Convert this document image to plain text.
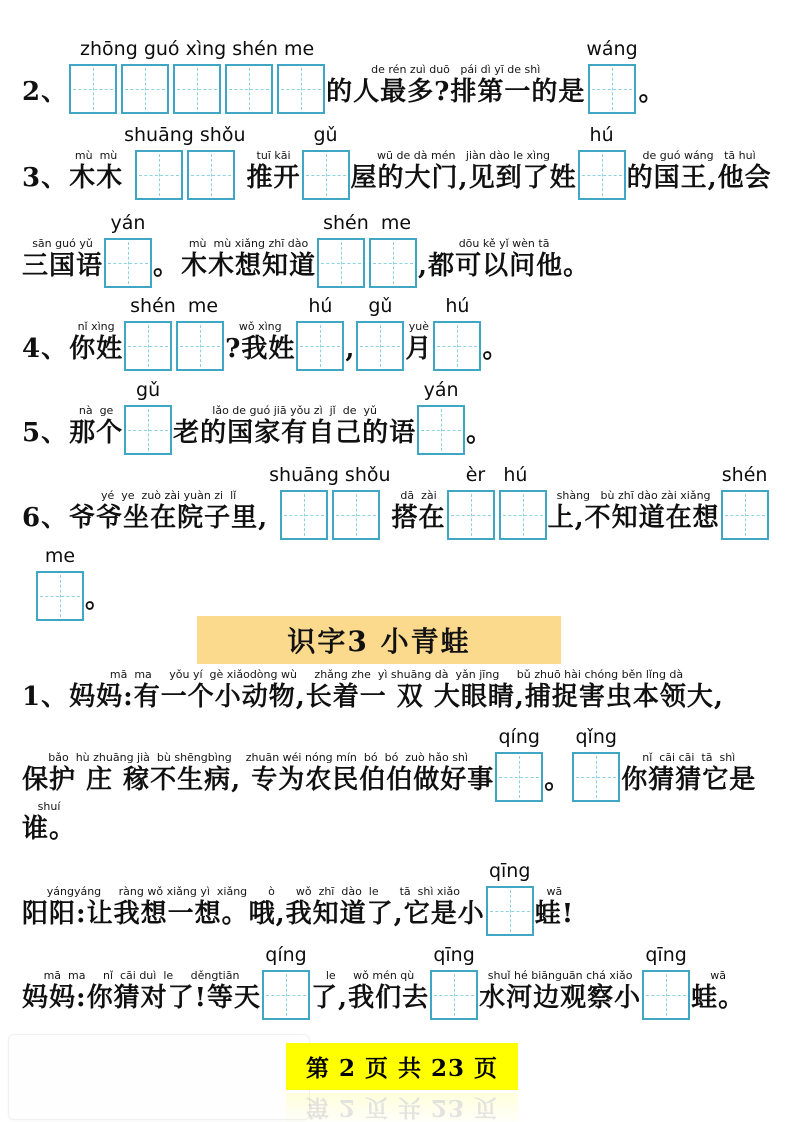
2、
zhōng guó xìng shén me
de rén zuì duō   pái dì yī de shì
的人最多?排第一的是
wáng
。
3、
mù  mù
木木
shuāng shǒu
tuī kāi
推开
gǔ
wū de dà mén   jiàn dào le xìng
屋的大门,见到了姓
hú
de guó wáng   tā huì
的国王,他会
sān guó yǔ
三国语
yán
。
mù  mù xiǎng zhī dào
木木想知道
shén  me
dōu kě yǐ wèn tā
,都可以问他。
4、
nǐ xìng
你姓
shén  me
wǒ xìng
?我姓
hú
,
gǔ
yuè
月
hú
。
5、
nà  ge
那个
gǔ
lǎo de guó jiā yǒu zì  jǐ  de  yǔ
老的国家有自己的语
yán
。
6、
yé  ye  zuò zài yuàn zi  lǐ
爷爷坐在院子里,
shuāng shǒu
dā  zài
搭在
èr   hú
shàng   bù zhī dào zài xiǎng
上,不知道在想
shén
me
。
1、
mā  ma     yǒu yí  gè xiǎodòng wù     zhǎng zhe  yì shuāng dà  yǎn jīng     bǔ zhuō hài chóng běn lǐng dà
妈妈:有一个小动物,长着一 双 大眼睛,捕捉害虫本领大,
bǎo  hù zhuāng jià  bù shēngbìng    zhuān wéi nóng mín  bó  bó  zuò hǎo shì
保护 庄 稼不生病, 专为农民伯伯做好事
qíng
。
qǐng
nǐ  cāi cāi  tā  shì
你猜猜它是
shuí
谁。
yángyáng     ràng wǒ xiǎng yì  xiǎng      ò      wǒ  zhī  dào  le      tā  shì xiǎo
阳阳:让我想一想。哦,我知道了,它是小
qīng
wā
蛙!
mā  ma     nǐ  cāi duì  le     děngtiān
妈妈:你猜对了!等天
qíng
le     wǒ mén qù
了,我们去
qīng
shuǐ hé biānguān chá xiǎo
水河边观察小
qīng
wā
蛙。
识字3 小青蛙
第 2 页 共 23 页
第 2 页 共 23 页
